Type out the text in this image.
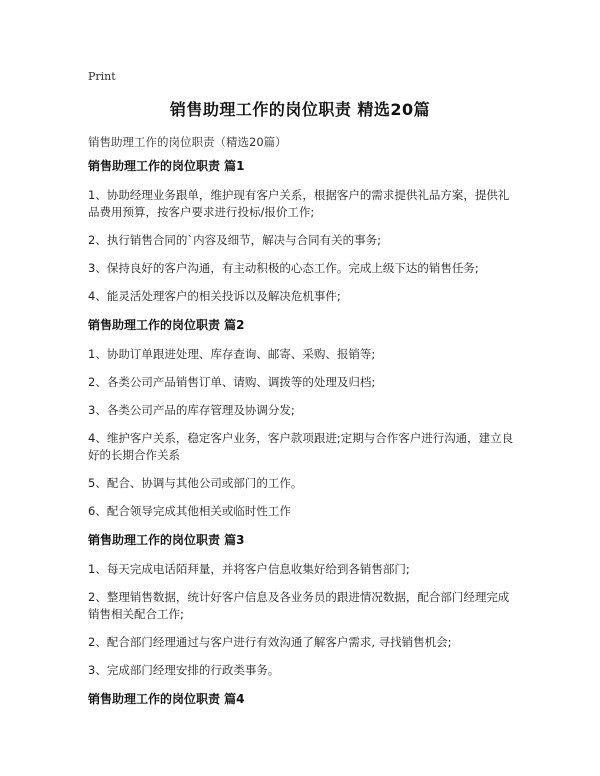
Print
销售助理工作的岗位职责 精选20篇
销售助理工作的岗位职责（精选20篇）
销售助理工作的岗位职责 篇1

1、协助经理业务跟单，维护现有客户关系，根据客户的需求提供礼品方案，提供礼品费用预算，按客户要求进行投标/报价工作;

2、执行销售合同的`内容及细节，解决与合同有关的事务;

3、保持良好的客户沟通，有主动积极的心态工作。完成上级下达的销售任务;

4、能灵活处理客户的相关投诉以及解决危机事件;

销售助理工作的岗位职责 篇2

1、协助订单跟进处理、库存查询、邮寄、采购、报销等;

2、各类公司产品销售订单、请购、调拨等的处理及归档;

3、各类公司产品的库存管理及协调分发;

4、维护客户关系，稳定客户业务，客户款项跟进;定期与合作客户进行沟通，建立良好的长期合作关系

5、配合、协调与其他公司或部门的工作。

6、配合领导完成其他相关或临时性工作

销售助理工作的岗位职责 篇3

1、每天完成电话陌拜量，并将客户信息收集好给到各销售部门;

2、整理销售数据，统计好客户信息及各业务员的跟进情况数据，配合部门经理完成销售相关配合工作;

2、配合部门经理通过与客户进行有效沟通了解客户需求, 寻找销售机会;

3、完成部门经理安排的行政类事务。

销售助理工作的岗位职责 篇4
